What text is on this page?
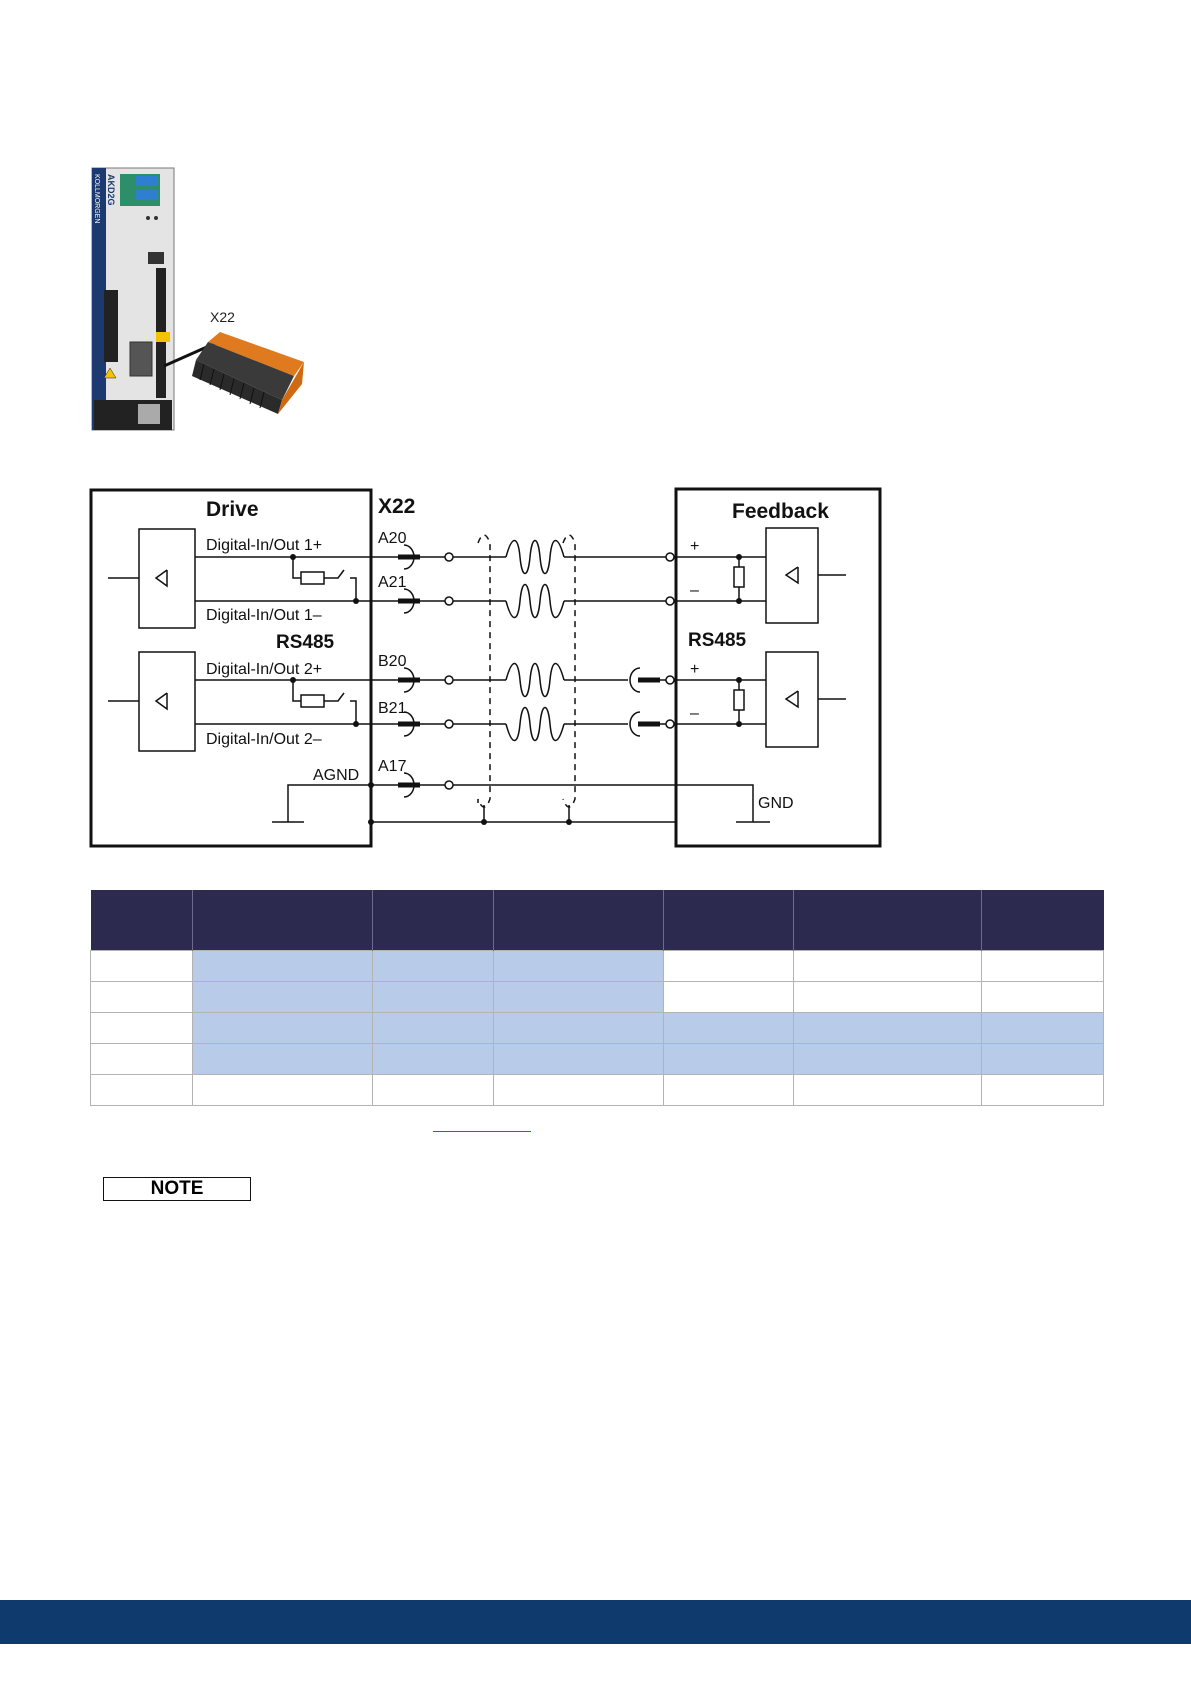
KOLLMORGEN AKD2G
X22
Drive	X22
Digital-In/Out 1+
Digital-In/Out 1–
RS485
Digital-In/Out 2+
Digital-In/Out 2–
AGND
A20
A21
B20
B21
A17
Feedback
+
–
RS485
+
–
GND

NOTE
